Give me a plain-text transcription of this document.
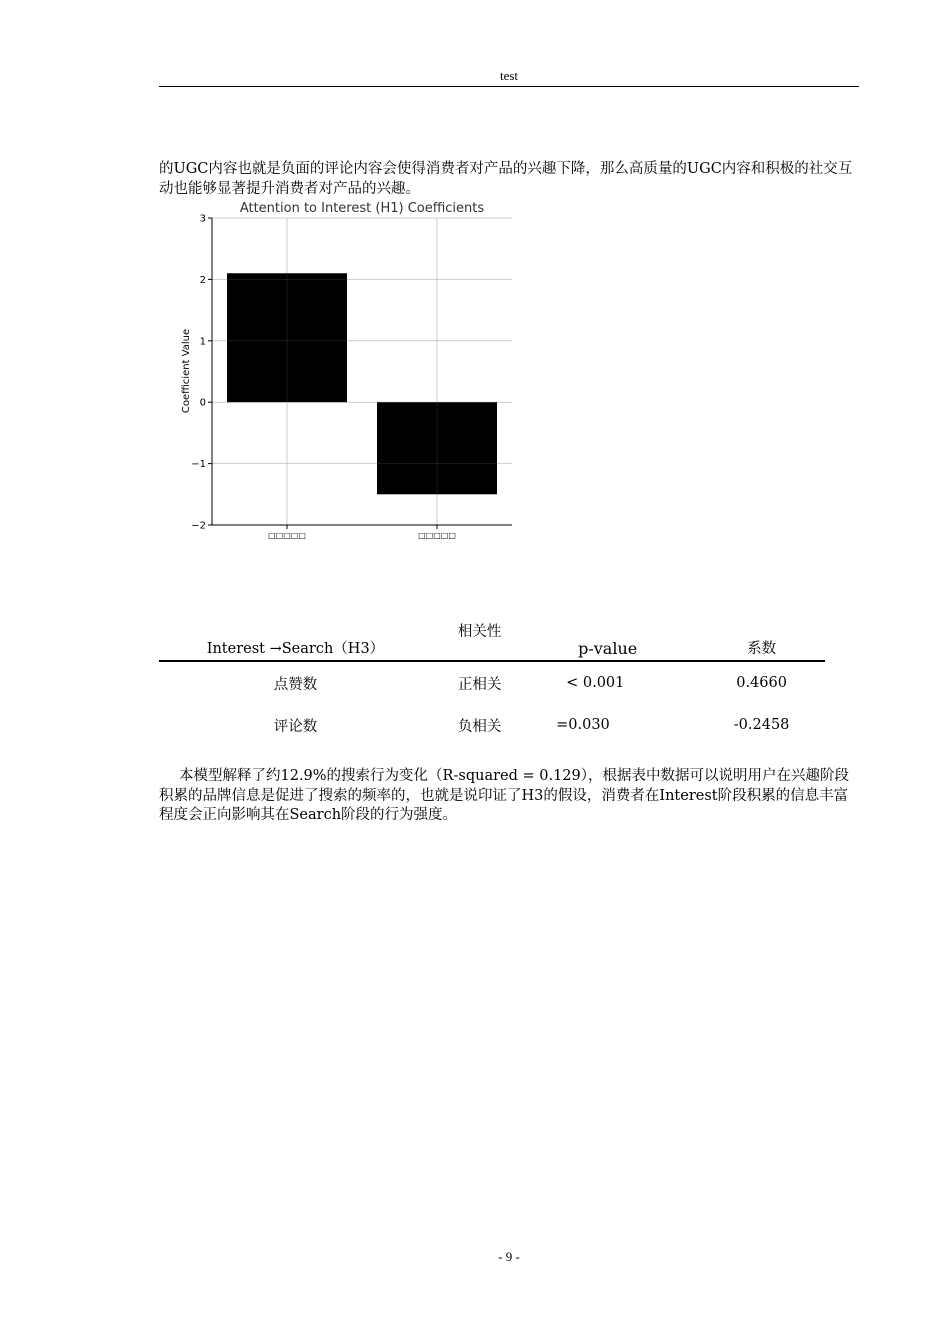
test

的UGC内容也就是负面的评论内容会使得消费者对产品的兴趣下降，那么高质量的UGC内容和积极的社交互动也能够显著提升消费者对产品的兴趣。

−2
−1
0
1
2
3
□□□□□	□□□□□
Attention to Interest (H1) Coefficients
Coefficient Value
Interest →Search（H3）	相关性	p-value	系数
点赞数	正相关	< 0.001	0.4660
评论数	负相关	=0.030	-0.2458

本模型解释了约12.9%的搜索行为变化（R-squared = 0.129），根据表中数据可以说明用户在兴趣阶段积累的品牌信息是促进了搜索的频率的，也就是说印证了H3的假设，消费者在Interest阶段积累的信息丰富程度会正向影响其在Search阶段的行为强度。

- 9 -
